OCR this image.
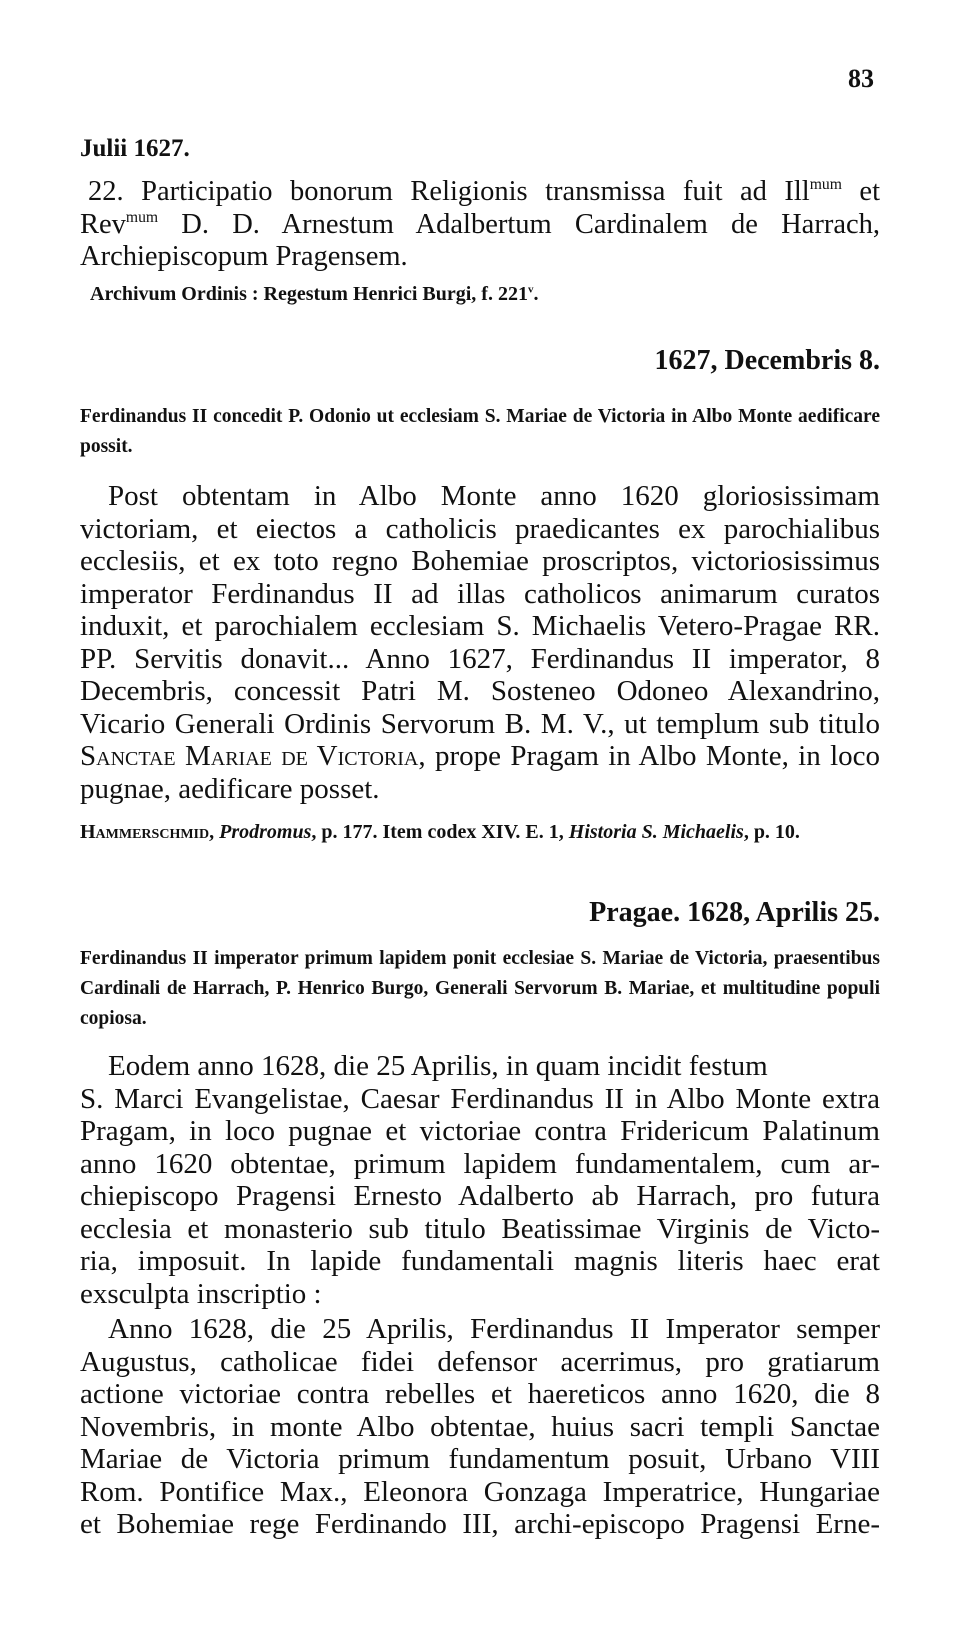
83

Julii 1627.

22. Participatio bonorum Religionis transmissa fuit ad Ill$^{mum}$ et Rev$^{mum}$ D. D. Arnestum Adalbertum Cardinalem de Harrach, Archiepiscopum Pragensem.

Archivum Ordinis : Regestum Henrici Burgi, f. 221$^v$.

1627, Decembris 8.

Ferdinandus II concedit P. Odonio ut ecclesiam S. Mariae de Victoria in Albo Monte aedificare possit.

Post obtentam in Albo Monte anno 1620 gloriosissimam victoriam, et eiectos a catholicis praedicantes ex parochialibus ecclesiis, et ex toto regno Bohemiae proscriptos, victoriosissimus imperator Ferdinandus II ad illas catholicos animarum curatos induxit, et parochialem ecclesiam S. Michaelis Vetero-Pragae RR. PP. Servitis donavit... Anno 1627, Ferdinandus II imperator, 8 Decembris, concessit Patri M. Sosteneo Odoneo Alexandrino, Vicario Generali Ordinis Servorum B. M. V., ut templum sub titulo Sanctae Mariae de Victoria, prope Pragam in Albo Monte, in loco pugnae, aedificare posset.

Hammerschmid, Prodromus, p. 177. Item codex XIV. E. 1, Historia S. Michaelis, p. 10.

Pragae. 1628, Aprilis 25.

Ferdinandus II imperator primum lapidem ponit ecclesiae S. Mariae de Victoria, praesentibus Cardinali de Harrach, P. Henrico Burgo, Generali Servorum B. Mariae, et multitudine populi copiosa.

Eodem anno 1628, die 25 Aprilis, in quam incidit festum
S. Marci Evangelistae, Caesar Ferdinandus II in Albo Monte extra
Pragam, in loco pugnae et victoriae contra Fridericum Palatinum
anno 1620 obtentae, primum lapidem fundamentalem, cum ar-
chiepiscopo Pragensi Ernesto Adalberto ab Harrach, pro futura
ecclesia et monasterio sub titulo Beatissimae Virginis de Victo-
ria, imposuit. In lapide fundamentali magnis literis haec erat
exsculpta inscriptio :
Anno 1628, die 25 Aprilis, Ferdinandus II Imperator semper
Augustus, catholicae fidei defensor acerrimus, pro gratiarum
actione victoriae contra rebelles et haereticos anno 1620, die 8
Novembris, in monte Albo obtentae, huius sacri templi Sanctae
Mariae de Victoria primum fundamentum posuit, Urbano VIII
Rom. Pontifice Max., Eleonora Gonzaga Imperatrice, Hungariae
et Bohemiae rege Ferdinando III, archi-episcopo Pragensi Erne-
